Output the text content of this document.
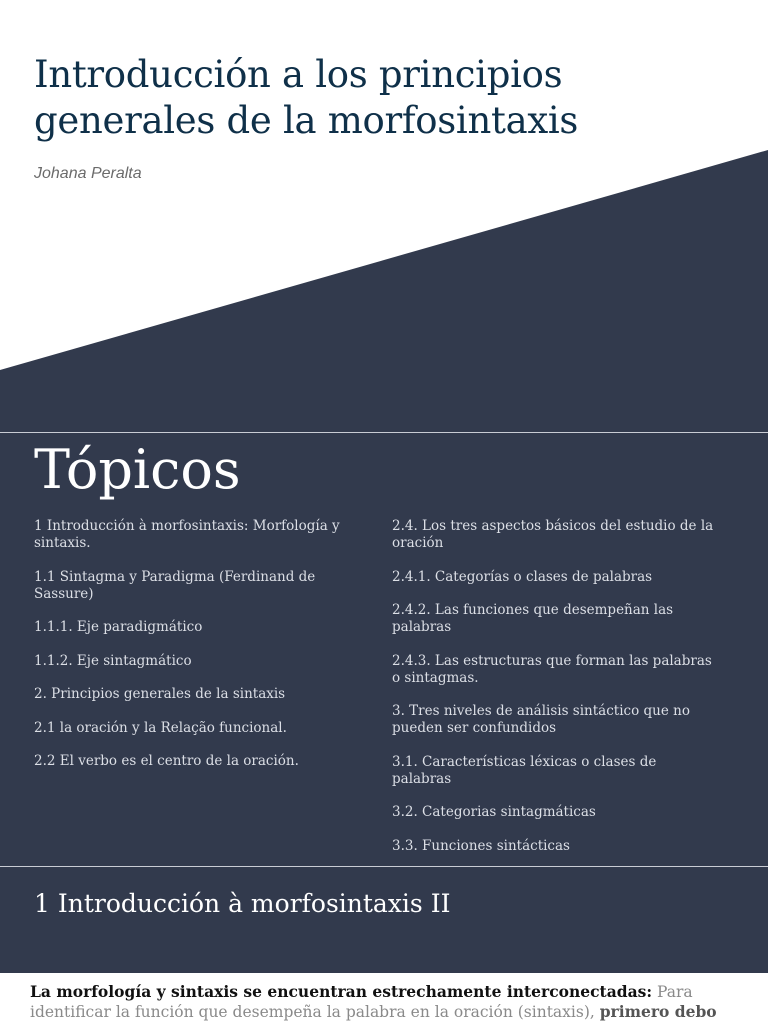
Introducción a los principios generales de la morfosintaxis

Johana Peralta

Tópicos
1 Introducción à morfosintaxis: Morfología y sintaxis.
1.1 Sintagma y Paradigma (Ferdinand de Sassure)
1.1.1. Eje paradigmático
1.1.2. Eje sintagmático
2. Principios generales de la sintaxis
2.1 la oración y la Relação funcional.
2.2 El verbo es el centro de la oración.
2.4. Los tres aspectos básicos del estudio de la oración
2.4.1. Categorías o clases de palabras
2.4.2. Las funciones que desempeñan las palabras
2.4.3. Las estructuras que forman las palabras o sintagmas.
3. Tres niveles de análisis sintáctico que no pueden ser confundidos
3.1. Características léxicas o clases de palabras
3.2. Categorias sintagmáticas
3.3. Funciones sintácticas
1 Introducción à morfosintaxis II

La morfología y sintaxis se encuentran estrechamente interconectadas: Para identificar la función que desempeña la palabra en la oración (sintaxis), primero debo
